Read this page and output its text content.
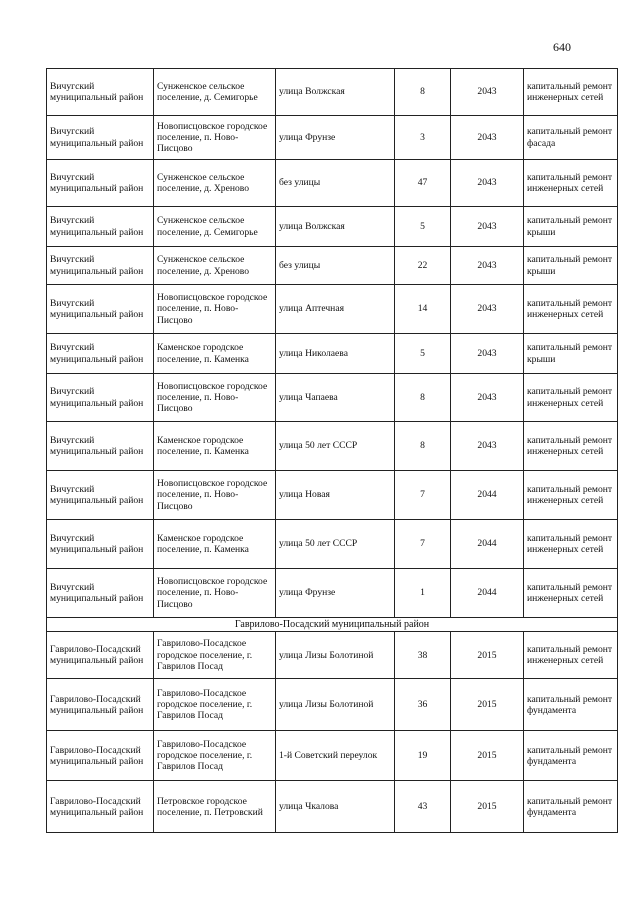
640
Вичугский муниципальный район	Сунженское сельское поселение, д. Семигорье	улица Волжская	8	2043	капитальный ремонт инженерных сетей
Вичугский муниципальный район	Новописцовское городское поселение, п. Ново-Писцово	улица Фрунзе	3	2043	капитальный ремонт фасада
Вичугский муниципальный район	Сунженское сельское поселение, д. Хреново	без улицы	47	2043	капитальный ремонт инженерных сетей
Вичугский муниципальный район	Сунженское сельское поселение, д. Семигорье	улица Волжская	5	2043	капитальный ремонт крыши
Вичугский муниципальный район	Сунженское сельское поселение, д. Хреново	без улицы	22	2043	капитальный ремонт крыши
Вичугский муниципальный район	Новописцовское городское поселение, п. Ново-Писцово	улица Аптечная	14	2043	капитальный ремонт инженерных сетей
Вичугский муниципальный район	Каменское городское поселение, п. Каменка	улица Николаева	5	2043	капитальный ремонт крыши
Вичугский муниципальный район	Новописцовское городское поселение, п. Ново-Писцово	улица Чапаева	8	2043	капитальный ремонт инженерных сетей
Вичугский муниципальный район	Каменское городское поселение, п. Каменка	улица 50 лет СССР	8	2043	капитальный ремонт инженерных сетей
Вичугский муниципальный район	Новописцовское городское поселение, п. Ново-Писцово	улица Новая	7	2044	капитальный ремонт инженерных сетей
Вичугский муниципальный район	Каменское городское поселение, п. Каменка	улица 50 лет СССР	7	2044	капитальный ремонт инженерных сетей
Вичугский муниципальный район	Новописцовское городское поселение, п. Ново-Писцово	улица Фрунзе	1	2044	капитальный ремонт инженерных сетей
Гаврилово-Посадский муниципальный район					
Гаврилово-Посадский муниципальный район	Гаврилово-Посадское городское поселение, г. Гаврилов Посад	улица Лизы Болотиной	38	2015	капитальный ремонт инженерных сетей
Гаврилово-Посадский муниципальный район	Гаврилово-Посадское городское поселение, г. Гаврилов Посад	улица Лизы Болотиной	36	2015	капитальный ремонт фундамента
Гаврилово-Посадский муниципальный район	Гаврилово-Посадское городское поселение, г. Гаврилов Посад	1-й Советский переулок	19	2015	капитальный ремонт фундамента
Гаврилово-Посадский муниципальный район	Петровское городское поселение, п. Петровский	улица Чкалова	43	2015	капитальный ремонт фундамента
